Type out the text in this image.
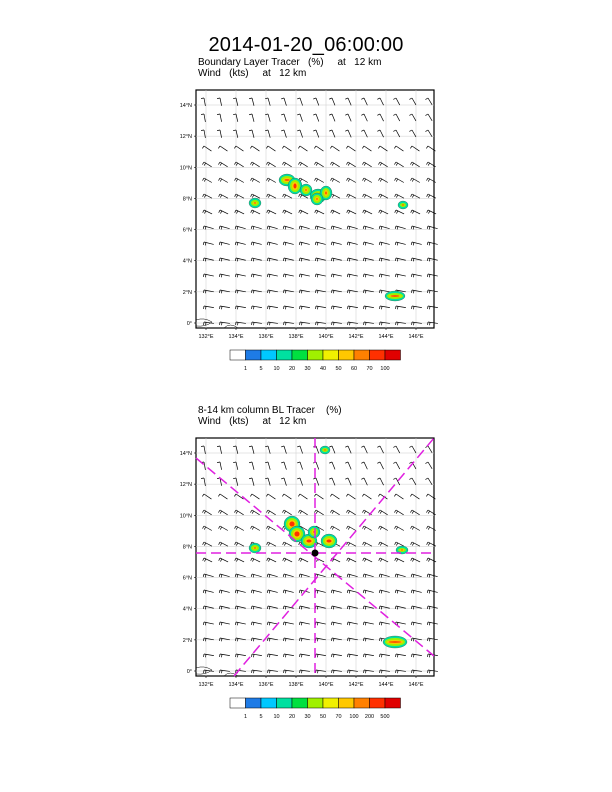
2014-01-20_06:00:00
Boundary Layer Tracer   (%)     at   12 km
Wind   (kts)     at   12 km
14°N
12°N
10°N
8°N
6°N
4°N
2°N
0°
132°E	134°E	136°E	138°E	140°E	142°E	144°E	146°E
1 5 10 20 30 40 50 60 70 100
8-14 km column BL Tracer    (%)
Wind   (kts)     at   12 km
14°N
12°N
10°N
8°N
6°N
4°N
2°N
0°
132°E	134°E	136°E	138°E	140°E	142°E	144°E	146°E
1 5 10 20 30 50 70 100 200 500
